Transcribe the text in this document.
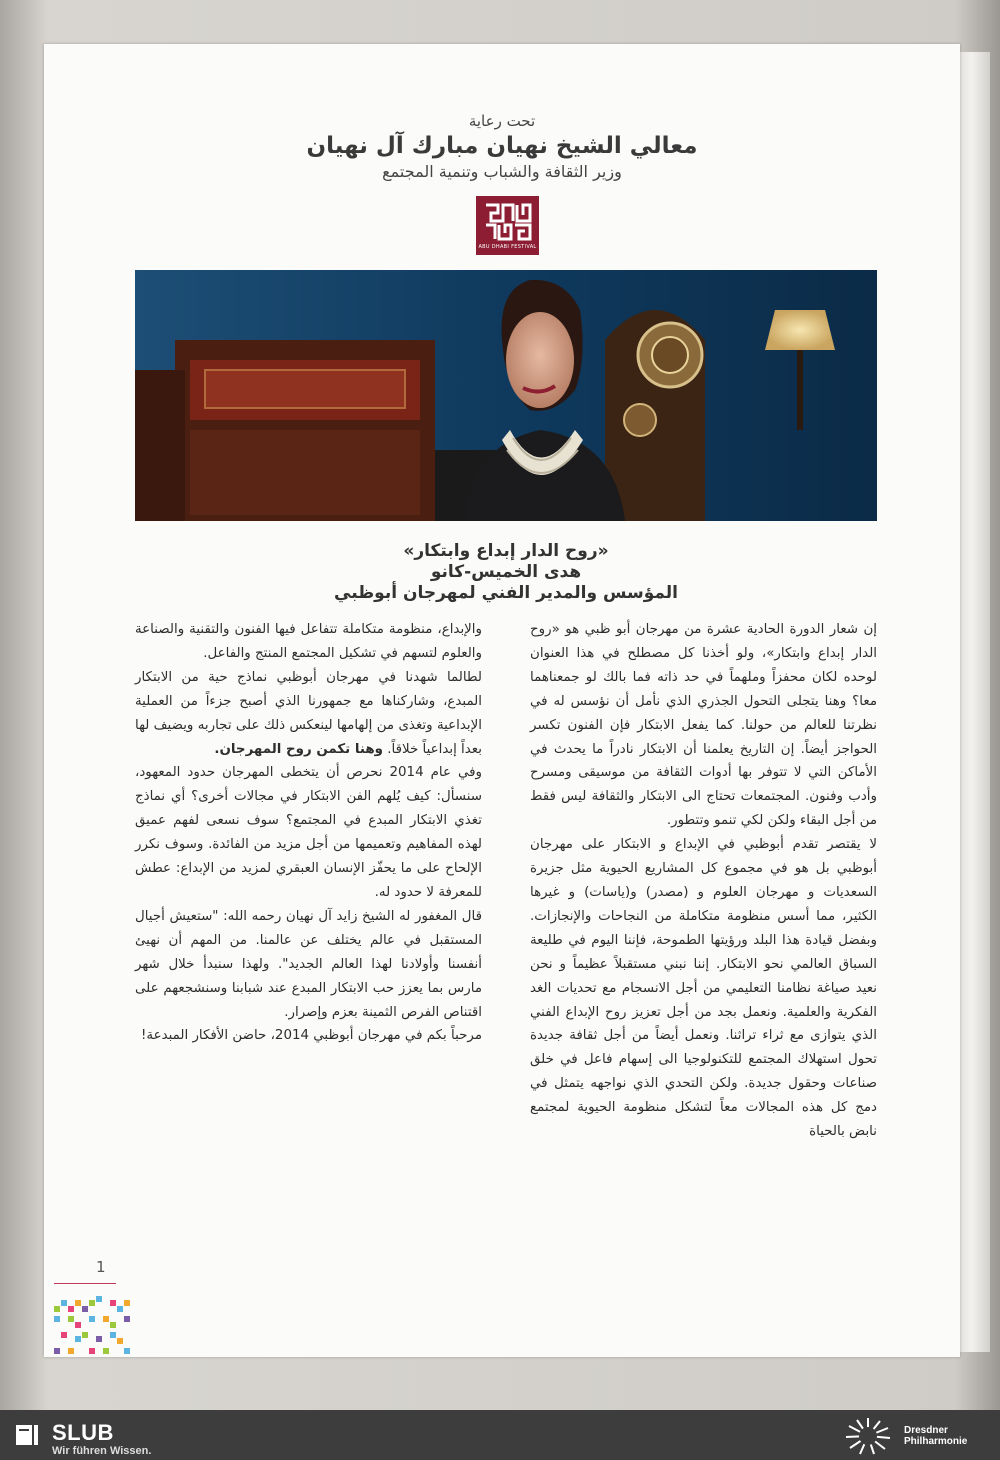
تحت رعاية
معالي الشيخ نهيان مبارك آل نهيان
وزير الثقافة والشباب وتنمية المجتمع
ABU DHABI FESTIVAL
«روح الدار إبداع وابتكار»
هدى الخميس-كانو
المؤسس والمدير الفني لمهرجان أبوظبي

إن شعار الدورة الحادية عشرة من مهرجان أبو ظبي هو «روح الدار إبداع وابتكار»، ولو أخذنا كل مصطلح في هذا العنوان لوحده لكان محفزاً وملهماً في حد ذاته فما بالك لو جمعناهما معا؟ وهنا يتجلى التحول الجذري الذي نأمل أن نؤسس له في نظرتنا للعالم من حولنا. كما يفعل الابتكار فإن الفنون تكسر الحواجز أيضاً. إن التاريخ يعلمنا أن الابتكار نادراً ما يحدث في الأماكن التي لا تتوفر بها أدوات الثقافة من موسيقى ومسرح وأدب وفنون. المجتمعات تحتاج الى الابتكار والثقافة ليس فقط من أجل البقاء ولكن لكي تنمو وتتطور.

لا يقتصر تقدم أبوظبي في الإبداع و الابتكار على مهرجان أبوظبي بل هو في مجموع كل المشاريع الحيوية مثل جزيرة السعديات و مهرجان العلوم و (مصدر) و(ياسات) و غيرها الكثير، مما أسس منظومة متكاملة من النجاحات والإنجازات. وبفضل قيادة هذا البلد ورؤيتها الطموحة، فإننا اليوم في طليعة السباق العالمي نحو الابتكار. إننا نبني مستقبلاً عظيماً و نحن نعيد صياغة نظامنا التعليمي من أجل الانسجام مع تحديات الغد الفكرية والعلمية. ونعمل بجد من أجل تعزيز روح الإبداع الفني الذي يتوازى مع ثراء تراثنا. ونعمل أيضاً من أجل ثقافة جديدة تحول استهلاك المجتمع للتكنولوجيا الى إسهام فاعل في خلق صناعات وحقول جديدة. ولكن التحدي الذي نواجهه يتمثل في دمج كل هذه المجالات معاً لتشكل منظومة الحيوية لمجتمع نابض بالحياة

والإبداع، منظومة متكاملة تتفاعل فيها الفنون والتقنية والصناعة والعلوم لتسهم في تشكيل المجتمع المنتج والفاعل.

لطالما شهدنا في مهرجان أبوظبي نماذج حية من الابتكار المبدع، وشاركناها مع جمهورنا الذي أصبح جزءاً من العملية الإبداعية وتغذى من إلهامها لينعكس ذلك على تجاربه ويضيف لها بعداً إبداعياً خلاقاً. وهنا تكمن روح المهرجان.

وفي عام 2014 نحرص أن يتخطى المهرجان حدود المعهود، سنسأل: كيف يُلهم الفن الابتكار في مجالات أخرى؟ أي نماذج تغذي الابتكار المبدع في المجتمع؟ سوف نسعى لفهم عميق لهذه المفاهيم وتعميمها من أجل مزيد من الفائدة. وسوف نكرر الإلحاح على ما يحفّز الإنسان العبقري لمزيد من الإبداع: عطش للمعرفة لا حدود له.

قال المغفور له الشيخ زايد آل نهيان رحمه الله: "ستعيش أجيال المستقبل في عالم يختلف عن عالمنا. من المهم أن نهيئ أنفسنا وأولادنا لهذا العالم الجديد". ولهذا سنبدأ خلال شهر مارس بما يعزز حب الابتكار المبدع عند شبابنا وسنشجعهم على اقتناص الفرص الثمينة بعزم وإصرار.

مرحباً بكم في مهرجان أبوظبي 2014، حاضن الأفكار المبدعة!

1
SLUB
Wir führen Wissen.
Dresdner
Philharmonie
